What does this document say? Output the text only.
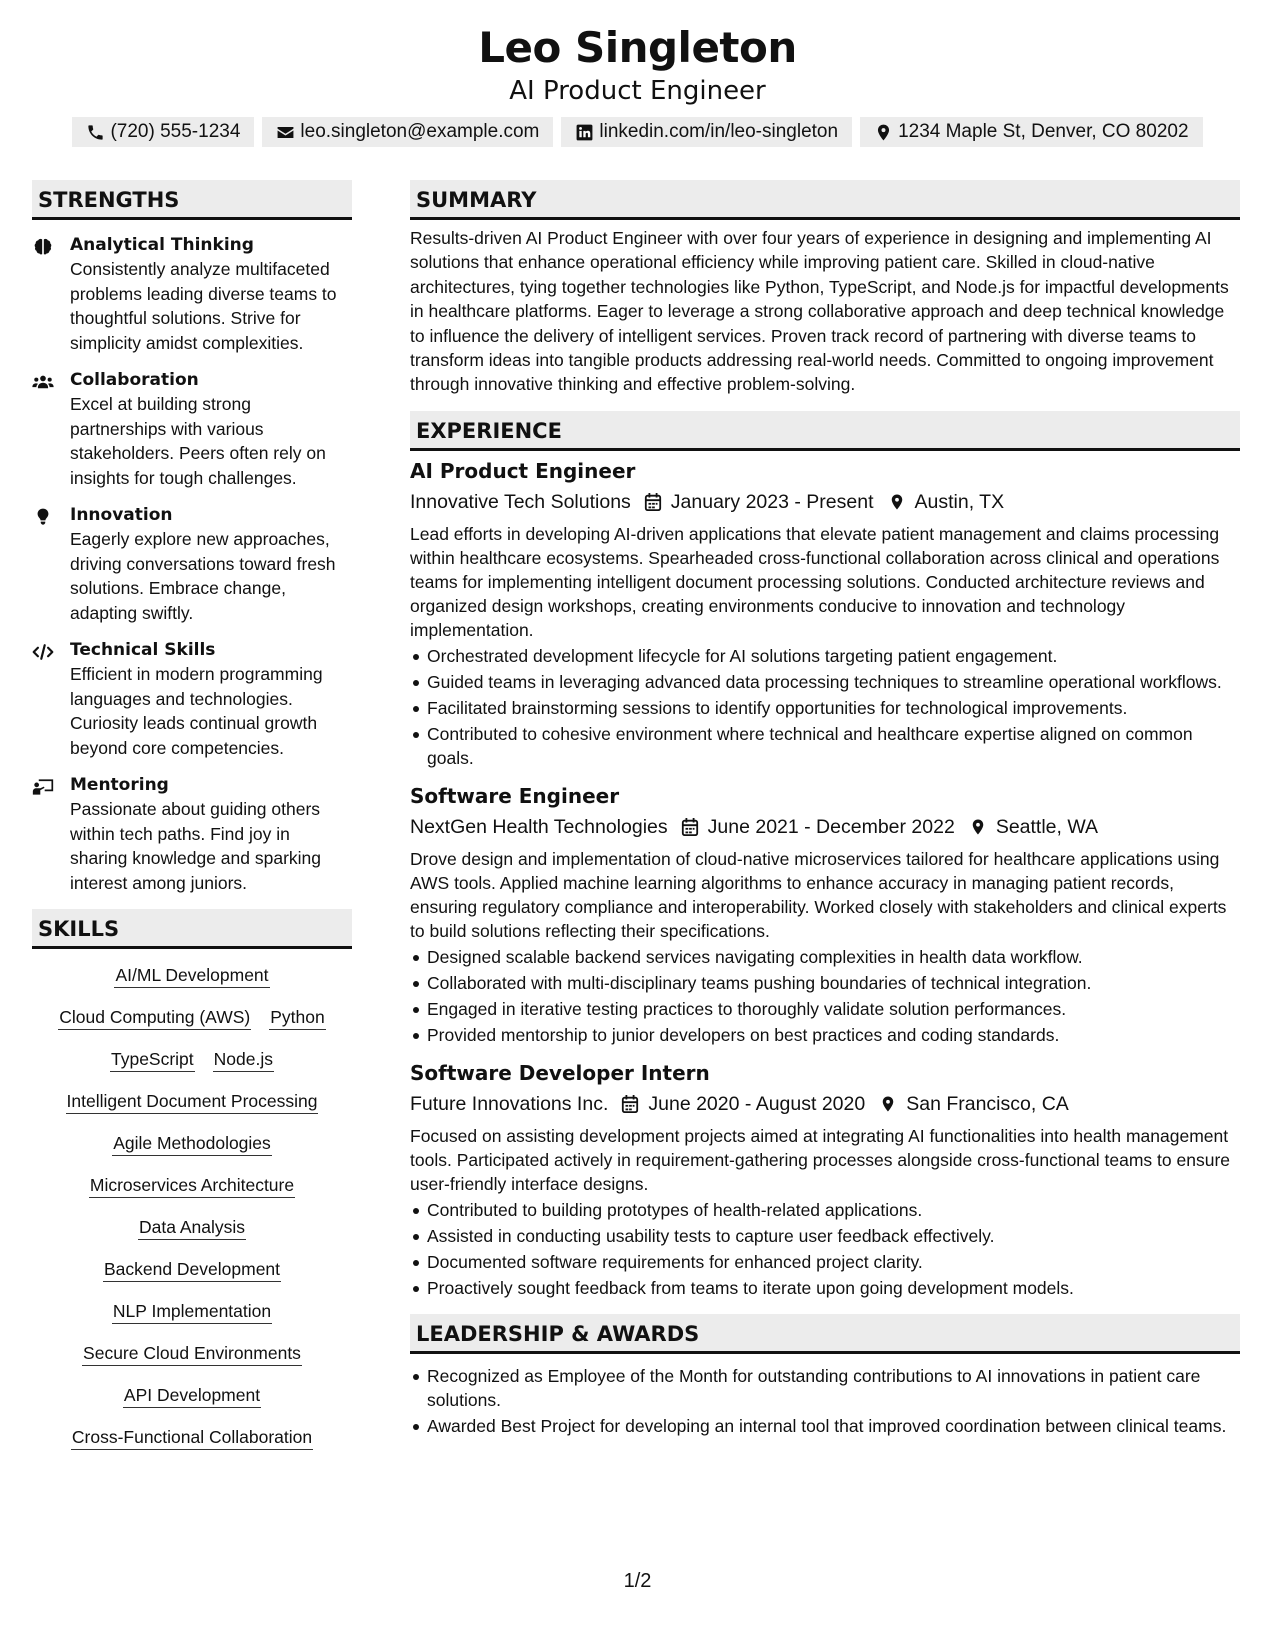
Leo Singleton
AI Product Engineer
(720) 555-1234	leo.singleton@example.com	linkedin.com/in/leo-singleton	1234 Maple St, Denver, CO 80202
STRENGTHS
Analytical Thinking
Consistently analyze multifaceted problems leading diverse teams to thoughtful solutions. Strive for simplicity amidst complexities.
Collaboration
Excel at building strong partnerships with various stakeholders. Peers often rely on insights for tough challenges.
Innovation
Eagerly explore new approaches, driving conversations toward fresh solutions. Embrace change, adapting swiftly.
Technical Skills
Efficient in modern programming languages and technologies. Curiosity leads continual growth beyond core competencies.
Mentoring
Passionate about guiding others within tech paths. Find joy in sharing knowledge and sparking interest among juniors.
SKILLS
AI/ML Development
Cloud Computing (AWS) Python
TypeScript Node.js
Intelligent Document Processing
Agile Methodologies
Microservices Architecture
Data Analysis
Backend Development
NLP Implementation
Secure Cloud Environments
API Development
Cross-Functional Collaboration
SUMMARY
Results-driven AI Product Engineer with over four years of experience in designing and implementing AI solutions that enhance operational efficiency while improving patient care. Skilled in cloud-native architectures, tying together technologies like Python, TypeScript, and Node.js for impactful developments in healthcare platforms. Eager to leverage a strong collaborative approach and deep technical knowledge to influence the delivery of intelligent services. Proven track record of partnering with diverse teams to transform ideas into tangible products addressing real-world needs. Committed to ongoing improvement through innovative thinking and effective problem-solving.
EXPERIENCE
AI Product Engineer
Innovative Tech Solutions January 2023 - Present Austin, TX
Lead efforts in developing AI-driven applications that elevate patient management and claims processing within healthcare ecosystems. Spearheaded cross-functional collaboration across clinical and operations teams for implementing intelligent document processing solutions. Conducted architecture reviews and organized design workshops, creating environments conducive to innovation and technology implementation.
Orchestrated development lifecycle for AI solutions targeting patient engagement.
Guided teams in leveraging advanced data processing techniques to streamline operational workflows.
Facilitated brainstorming sessions to identify opportunities for technological improvements.
Contributed to cohesive environment where technical and healthcare expertise aligned on common goals.
Software Engineer
NextGen Health Technologies June 2021 - December 2022 Seattle, WA
Drove design and implementation of cloud-native microservices tailored for healthcare applications using AWS tools. Applied machine learning algorithms to enhance accuracy in managing patient records, ensuring regulatory compliance and interoperability. Worked closely with stakeholders and clinical experts to build solutions reflecting their specifications.
Designed scalable backend services navigating complexities in health data workflow.
Collaborated with multi-disciplinary teams pushing boundaries of technical integration.
Engaged in iterative testing practices to thoroughly validate solution performances.
Provided mentorship to junior developers on best practices and coding standards.
Software Developer Intern
Future Innovations Inc. June 2020 - August 2020 San Francisco, CA
Focused on assisting development projects aimed at integrating AI functionalities into health management tools. Participated actively in requirement-gathering processes alongside cross-functional teams to ensure user-friendly interface designs.
Contributed to building prototypes of health-related applications.
Assisted in conducting usability tests to capture user feedback effectively.
Documented software requirements for enhanced project clarity.
Proactively sought feedback from teams to iterate upon going development models.
LEADERSHIP & AWARDS
Recognized as Employee of the Month for outstanding contributions to AI innovations in patient care solutions.
Awarded Best Project for developing an internal tool that improved coordination between clinical teams.
1/2
